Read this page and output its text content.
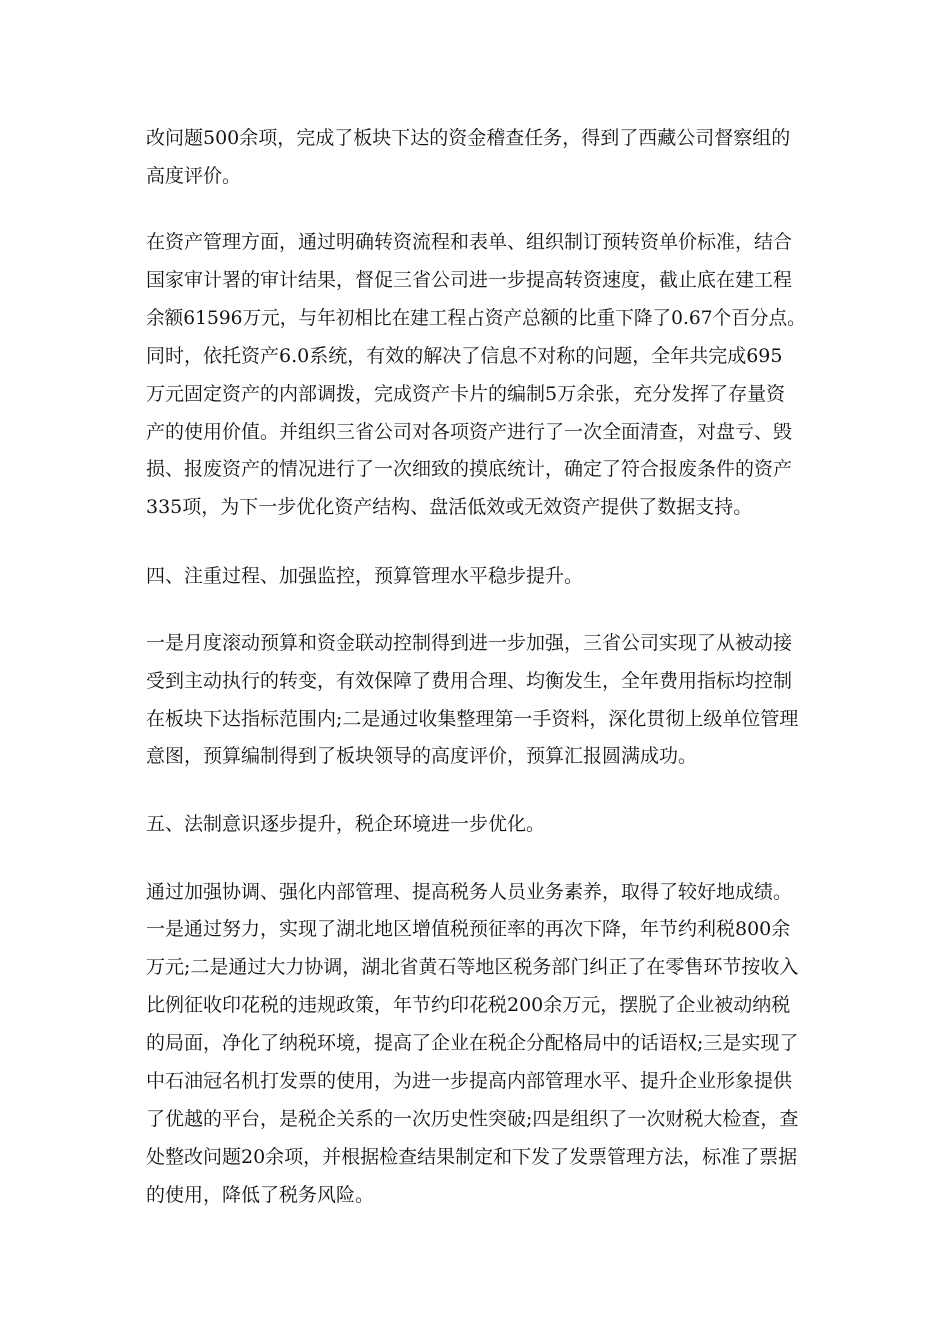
改问题500余项，完成了板块下达的资金稽查任务，得到了西藏公司督察组的
高度评价。
在资产管理方面，通过明确转资流程和表单、组织制订预转资单价标准，结合
国家审计署的审计结果，督促三省公司进一步提高转资速度，截止底在建工程
余额61596万元，与年初相比在建工程占资产总额的比重下降了0.67个百分点。
同时，依托资产6.0系统，有效的解决了信息不对称的问题，全年共完成695
万元固定资产的内部调拨，完成资产卡片的编制5万余张，充分发挥了存量资
产的使用价值。并组织三省公司对各项资产进行了一次全面清查，对盘亏、毁
损、报废资产的情况进行了一次细致的摸底统计，确定了符合报废条件的资产
335项，为下一步优化资产结构、盘活低效或无效资产提供了数据支持。
四、注重过程、加强监控，预算管理水平稳步提升。
一是月度滚动预算和资金联动控制得到进一步加强，三省公司实现了从被动接
受到主动执行的转变，有效保障了费用合理、均衡发生，全年费用指标均控制
在板块下达指标范围内;二是通过收集整理第一手资料，深化贯彻上级单位管理
意图，预算编制得到了板块领导的高度评价，预算汇报圆满成功。
五、法制意识逐步提升，税企环境进一步优化。
通过加强协调、强化内部管理、提高税务人员业务素养，取得了较好地成绩。
一是通过努力，实现了湖北地区增值税预征率的再次下降，年节约利税800余
万元;二是通过大力协调，湖北省黄石等地区税务部门纠正了在零售环节按收入
比例征收印花税的违规政策，年节约印花税200余万元，摆脱了企业被动纳税
的局面，净化了纳税环境，提高了企业在税企分配格局中的话语权;三是实现了
中石油冠名机打发票的使用，为进一步提高内部管理水平、提升企业形象提供
了优越的平台，是税企关系的一次历史性突破;四是组织了一次财税大检查，查
处整改问题20余项，并根据检查结果制定和下发了发票管理方法，标准了票据
的使用，降低了税务风险。
